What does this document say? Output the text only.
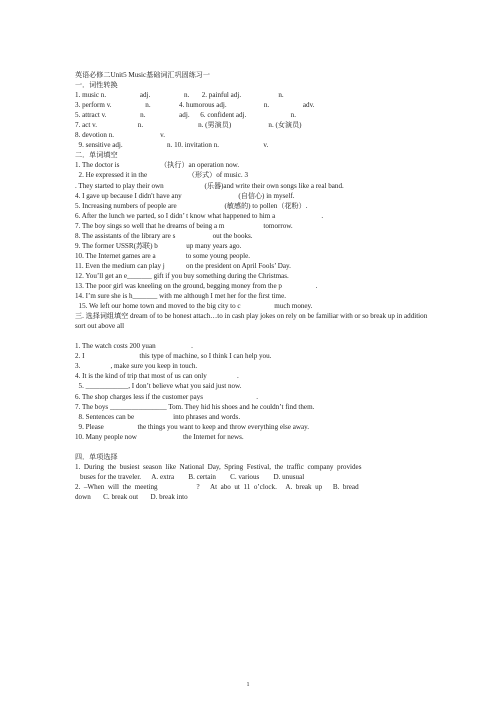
英语必修二Unit5 Music基础词汇巩固练习一
一．词性转换
1. music n.                   adj.                   n.       2. painful adj.                     n.
3. perform v.                   n.                4. humorous adj.                     n.                   adv.
5. attract v.                   n.                   adj.      6. confident adj.                         n.
7. act v.                       n.                               n. (男演员)                     n. (女演员)
8. devotion n.                          v.
9. sensitive adj.                         n. 10. invitation n.                         v.
二．单词填空
1. The doctor is                       （执行）an operation now.
2. He expressed it in the                       （形式）of music. 3
. They started to play their own                       (乐器)and write their own songs like a real band.
4. I gave up because I didn't have any                                (自信心) in myself.
5. Increasing numbers of people are                           (敏感的) to pollen（花粉）.
6. After the lunch we parted, so I didn’ t know what happened to him a                          .
7. The boy sings so well that he dreams of being a m                      tomorrow.
8. The assistants of the library are s                     out the books.
9. The former USSR(苏联) b                up many years ago.
10. The Internet games are a                 to some young people.
11. Even the medium can play j            on the president on April Fools’ Day.
12. You’ll get an e_______ gift if you buy something during the Christmas.
13. The poor girl was kneeling on the ground, begging money from the p                   .
14. I’m sure she is h_______ with me although I met her for the first time.
15. We left our home town and moved to the big city to c                   much money.
三. 选择词组填空 dream of to be honest attach…to in cash play jokes on rely on be familiar with or so break up in addition sort out above all
1. The watch costs 200 yuan                    .
2. I                               this type of machine, so I think I can help you.
3.                 , make sure you keep in touch.
4. It is the kind of trip that most of us can only                 .
5. ____________, I don’t believe what you said just now.
6. The shop charges less if the customer pays                              .
7. The boys ________________ Tom. They hid his shoes and he couldn’t find them.
8. Sentences can be                      into phrases and words.
9. Please                   the things you want to keep and throw everything else away.
10. Many people now                          the Internet for news.
四．单项选择
1.  During  the  busiest  season  like  National  Day,  Spring  Festival,  the  traffic  company  provides
buses for the traveler.      A. extra        B. certain        C. various        D. unusual
2.  –When  will  the  meeting                      ?      At  abo  ut  11  o’clock.     A.  break  up      B.  bread
down       C. break out       D. break into
1
